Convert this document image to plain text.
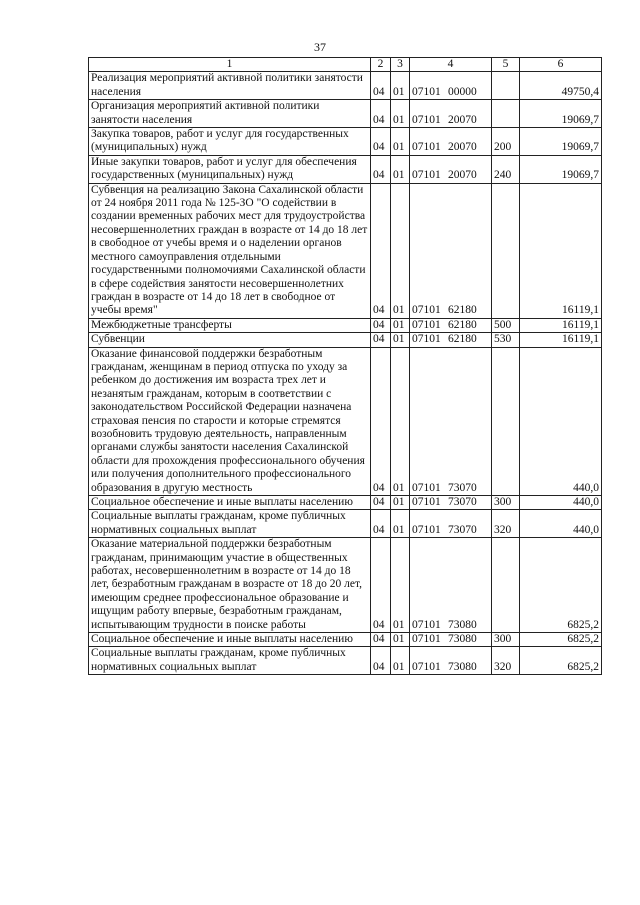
37
1	2	3	4	5	6
Реализация мероприятий активной политики занятости населения	04	01	07101 00000		49750,4
Организация мероприятий активной политики занятости населения	04	01	07101 20070		19069,7
Закупка товаров, работ и услуг для государственных (муниципальных) нужд	04	01	07101 20070	200	19069,7
Иные закупки товаров, работ и услуг для обеспечения государственных (муниципальных) нужд	04	01	07101 20070	240	19069,7
Субвенция на реализацию Закона Сахалинской области от 24 ноября 2011 года № 125-ЗО "О содействии в создании временных рабочих мест для трудоустройства несовершеннолетних граждан в возрасте от 14 до 18 лет в свободное от учебы время и о наделении органов местного самоуправления отдельными государственными полномочиями Сахалинской области в сфере содействия занятости несовершеннолетних граждан в возрасте от 14 до 18 лет в свободное от учебы время"	04	01	07101 62180		16119,1
Межбюджетные трансферты	04	01	07101 62180	500	16119,1
Субвенции	04	01	07101 62180	530	16119,1
Оказание финансовой поддержки безработным гражданам, женщинам в период отпуска по уходу за ребенком до достижения им возраста трех лет и незанятым гражданам, которым в соответствии с законодательством Российской Федерации назначена страховая пенсия по старости и которые стремятся возобновить трудовую деятельность, направленным органами службы занятости населения Сахалинской области для прохождения профессионального обучения или получения дополнительного профессионального образования в другую местность	04	01	07101 73070		440,0
Социальное обеспечение и иные выплаты населению	04	01	07101 73070	300	440,0
Социальные выплаты гражданам, кроме публичных нормативных социальных выплат	04	01	07101 73070	320	440,0
Оказание материальной поддержки безработным гражданам, принимающим участие в общественных работах, несовершеннолетним в возрасте от 14 до 18 лет, безработным гражданам в возрасте от 18 до 20 лет, имеющим среднее профессиональное образование и ищущим работу впервые, безработным гражданам, испытывающим трудности в поиске работы	04	01	07101 73080		6825,2
Социальное обеспечение и иные выплаты населению	04	01	07101 73080	300	6825,2
Социальные выплаты гражданам, кроме публичных нормативных социальных выплат	04	01	07101 73080	320	6825,2
